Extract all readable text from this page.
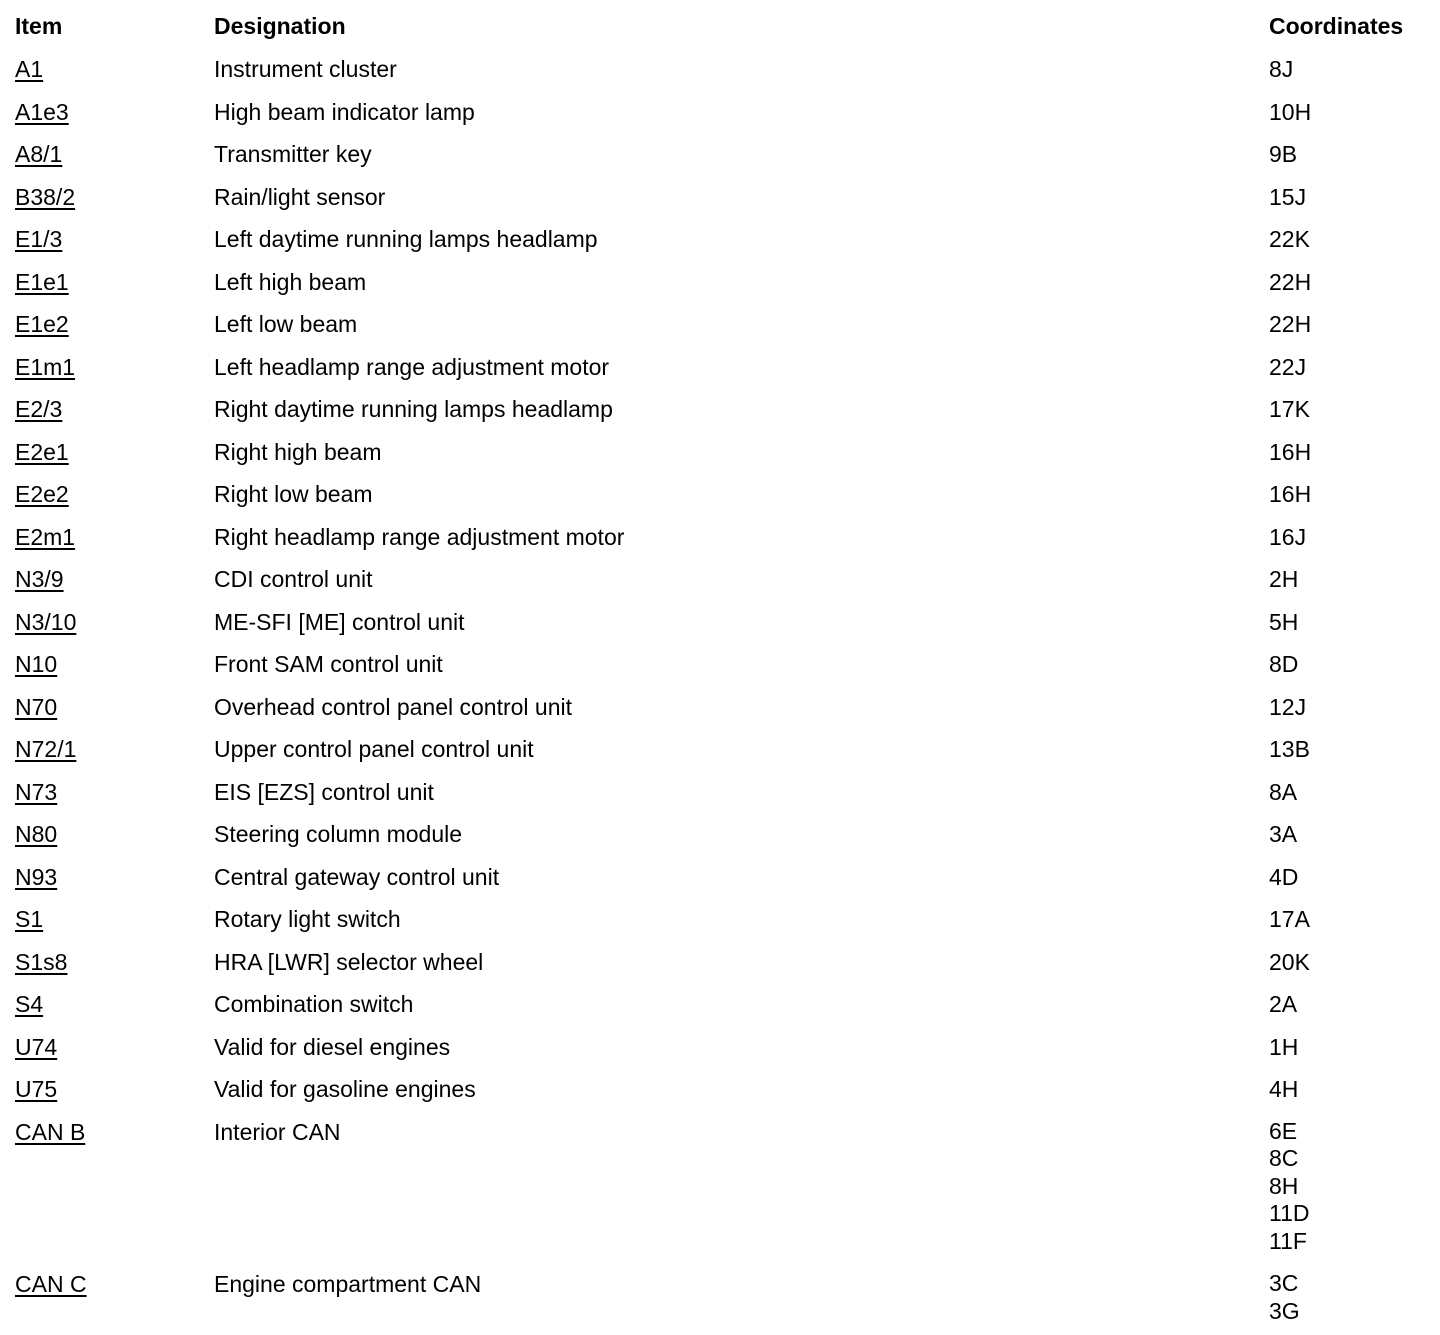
Item	Designation	Coordinates
A1	Instrument cluster	8J
A1e3	High beam indicator lamp	10H
A8/1	Transmitter key	9B
B38/2	Rain/light sensor	15J
E1/3	Left daytime running lamps headlamp	22K
E1e1	Left high beam	22H
E1e2	Left low beam	22H
E1m1	Left headlamp range adjustment motor	22J
E2/3	Right daytime running lamps headlamp	17K
E2e1	Right high beam	16H
E2e2	Right low beam	16H
E2m1	Right headlamp range adjustment motor	16J
N3/9	CDI control unit	2H
N3/10	ME-SFI [ME] control unit	5H
N10	Front SAM control unit	8D
N70	Overhead control panel control unit	12J
N72/1	Upper control panel control unit	13B
N73	EIS [EZS] control unit	8A
N80	Steering column module	3A
N93	Central gateway control unit	4D
S1	Rotary light switch	17A
S1s8	HRA [LWR] selector wheel	20K
S4	Combination switch	2A
U74	Valid for diesel engines	1H
U75	Valid for gasoline engines	4H
CAN B	Interior CAN	6E
8C
8H
11D
11F
CAN C	Engine compartment CAN	3C
3G
